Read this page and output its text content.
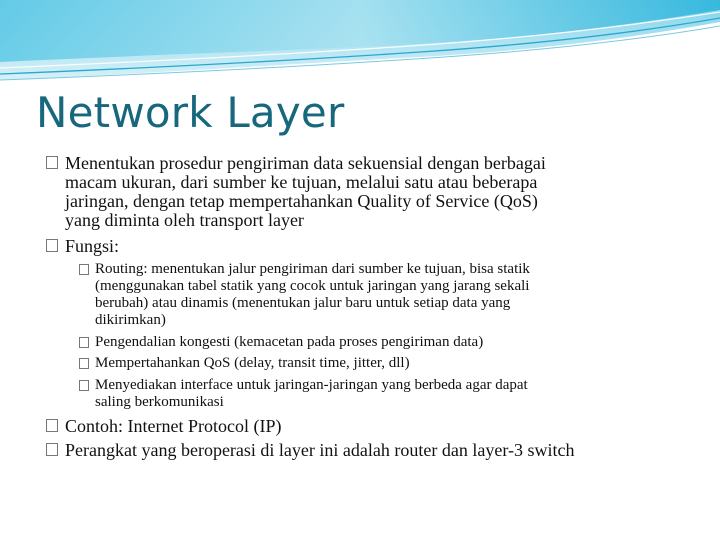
Network Layer
Menentukan prosedur pengiriman data sekuensial dengan berbagai
macam ukuran, dari sumber ke tujuan, melalui satu atau beberapa
jaringan, dengan tetap mempertahankan Quality of Service (QoS)
yang diminta oleh transport layer
Fungsi:
Routing: menentukan jalur pengiriman dari sumber ke tujuan, bisa statik
(menggunakan tabel statik yang cocok untuk jaringan yang jarang sekali
berubah) atau dinamis (menentukan jalur baru untuk setiap data yang
dikirimkan)
Pengendalian kongesti (kemacetan pada proses pengiriman data)
Mempertahankan QoS (delay, transit time, jitter, dll)
Menyediakan interface untuk jaringan-jaringan yang berbeda agar dapat
saling berkomunikasi
Contoh: Internet Protocol (IP)
Perangkat yang beroperasi di layer ini adalah router dan layer-3 switch
